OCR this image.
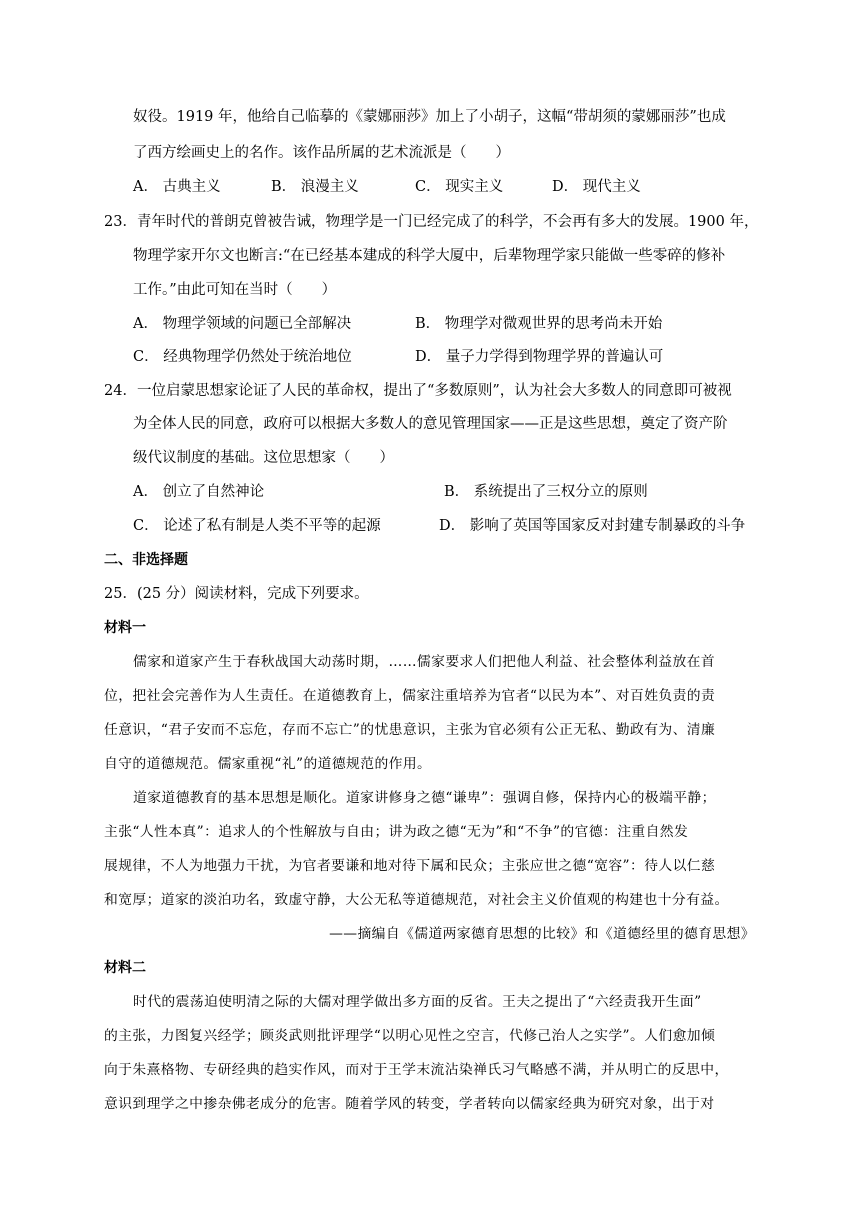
奴役。1919 年，他给自己临摹的《蒙娜丽莎》加上了小胡子，这幅“带胡须的蒙娜丽莎”也成
了西方绘画史上的名作。该作品所属的艺术流派是（　　）
A． 古典主义	B． 浪漫主义	C． 现实主义	D． 现代主义
23．青年时代的普朗克曾被告诫，物理学是一门已经完成了的科学，不会再有多大的发展。1900 年，
物理学家开尔文也断言:“在已经基本建成的科学大厦中，后辈物理学家只能做一些零碎的修补
工作。”由此可知在当时（　　）
A． 物理学领域的问题已全部解决	B． 物理学对微观世界的思考尚未开始
C． 经典物理学仍然处于统治地位	D． 量子力学得到物理学界的普遍认可
24．一位启蒙思想家论证了人民的革命权，提出了“多数原则”，认为社会大多数人的同意即可被视
为全体人民的同意，政府可以根据大多数人的意见管理国家——正是这些思想，奠定了资产阶
级代议制度的基础。这位思想家（　　）
A． 创立了自然神论	B． 系统提出了三权分立的原则
C． 论述了私有制是人类不平等的起源	D． 影响了英国等国家反对封建专制暴政的斗争
二、非选择题
25．(25 分）阅读材料，完成下列要求。
材料一
儒家和道家产生于春秋战国大动荡时期，……儒家要求人们把他人利益、社会整体利益放在首
位，把社会完善作为人生责任。在道德教育上，儒家注重培养为官者“以民为本”、对百姓负责的责
任意识，“君子安而不忘危，存而不忘亡”的忧患意识，主张为官必须有公正无私、勤政有为、清廉
自守的道德规范。儒家重视“礼”的道德规范的作用。
道家道德教育的基本思想是顺化。道家讲修身之德“谦卑”：强调自修，保持内心的极端平静；
主张“人性本真”：追求人的个性解放与自由；讲为政之德“无为”和“不争”的官德：注重自然发
展规律，不人为地强力干扰，为官者要谦和地对待下属和民众；主张应世之德“宽容”：待人以仁慈
和宽厚；道家的淡泊功名，致虚守静，大公无私等道德规范，对社会主义价值观的构建也十分有益。
——摘编自《儒道两家德育思想的比较》和《道德经里的德育思想》
材料二
时代的震荡迫使明清之际的大儒对理学做出多方面的反省。王夫之提出了“六经责我开生面”
的主张，力图复兴经学；顾炎武则批评理学“以明心见性之空言，代修己治人之实学”。人们愈加倾
向于朱熹格物、专研经典的趋实作风，而对于王学末流沾染禅氏习气略感不满，并从明亡的反思中，
意识到理学之中掺杂佛老成分的危害。随着学风的转变，学者转向以儒家经典为研究对象，出于对
